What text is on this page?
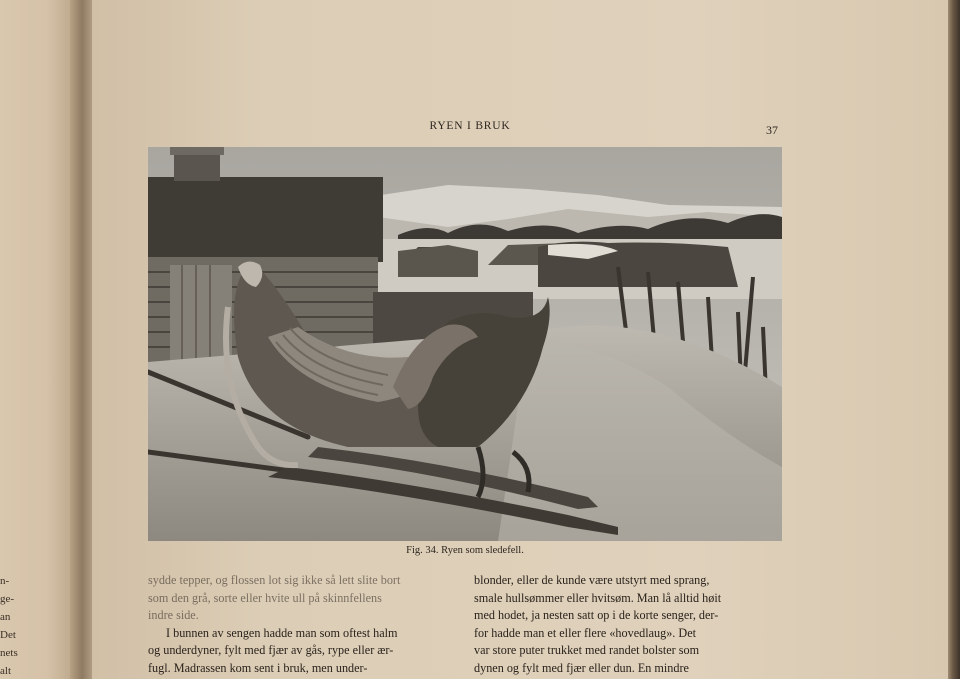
n-
ge-
an
Det
nets
alt
RYEN I BRUK	37
Fig. 34. Ryen som sledefell.
sydde tepper, og flossen lot sig ikke så lett slite bort
som den grå, sorte eller hvite ull på skinnfellens
indre side.
I bunnen av sengen hadde man som oftest halm
og underdyner, fylt med fjær av gås, rype eller ær-
fugl. Madrassen kom sent i bruk, men under-
blonder, eller de kunde være utstyrt med sprang,
smale hullsømmer eller hvitsøm. Man lå alltid høit
med hodet, ja nesten satt op i de korte senger, der-
for hadde man et eller flere «hovedlaug». Det
var store puter trukket med randet bolster som
dynen og fylt med fjær eller dun. En mindre
